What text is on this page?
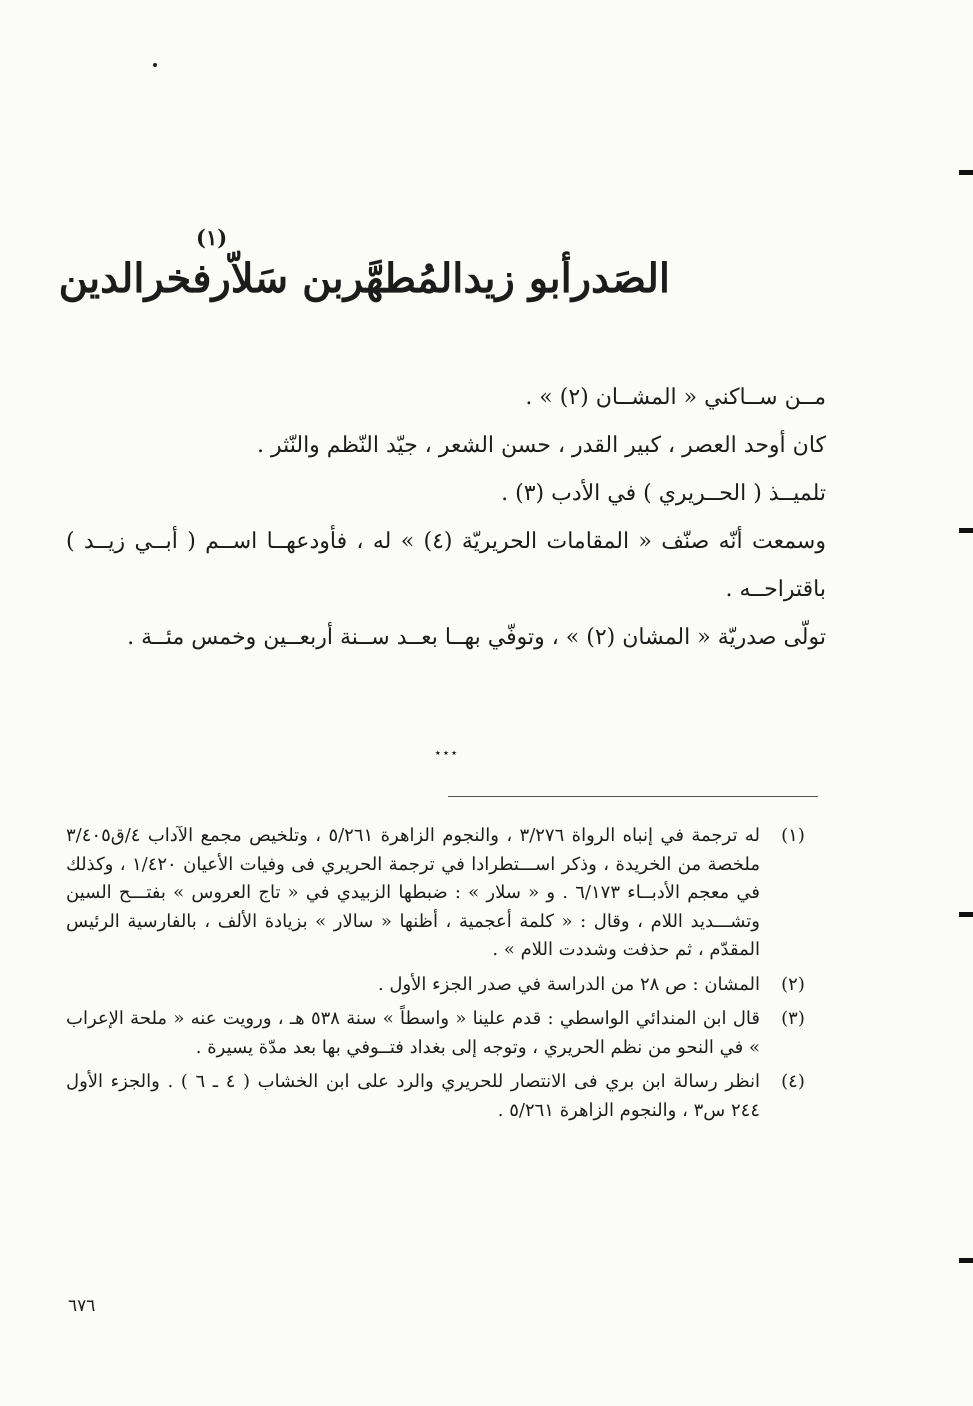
(١)
الصَدرأبو زيدالمُطهَّربن سَلاّرفخرالدين

مــن ســاكني « المشــان (٢) » .

كان أوحد العصر ، كبير القدر ، حسن الشعر ، جيّد النّظم والنّثر .

تلميــذ ( الحــريري ) في الأدب (٣) .

وسمعت أنّه صنّف « المقامات الحريريّة (٤) » له ، فأودعهــا اســم ( أبــي زيــد ) باقتراحــه .

تولّى صدريّة « المشان (٢) » ، وتوفّي بهــا بعــد ســنة أربعــين وخمس مئــة .

⋆⋆⋆
(١)
له ترجمة في إنباه الرواة ٣/٢٧٦ ، والنجوم الزاهرة ٥/٢٦١ ، وتلخيص مجمع الآداب ٤/ق٣/٤٠٥ ملخصة من الخريدة ، وذكر اســـتطرادا في ترجمة الحريري فى وفيات الأعيان ١/٤٢٠ ، وكذلك في معجم الأدبــاء ٦/١٧٣ . و « سلار » : ضبطها الزبيدي في « تاج العروس » بفتـــح السين وتشـــديد اللام ، وقال : « كلمة أعجمية ، أظنها « سالار » بزيادة الألف ، بالفارسية الرئيس المقدّم ، ثم حذفت وشددت اللام » .
(٢)
المشان : ص ٢٨ من الدراسة في صدر الجزء الأول .
(٣)
قال ابن المندائي الواسطي : قدم علينا « واسطاً » سنة ٥٣٨ هـ ، ورويت عنه « ملحة الإعراب » في النحو من نظم الحريري ، وتوجه إلى بغداد فتــوفي بها بعد مدّة يسيرة .
(٤)
انظر رسالة ابن بري فى الانتصار للحريري والرد على ابن الخشاب ( ٤ ـ ٦ ) . والجزء الأول ٢٤٤ س٣ ، والنجوم الزاهرة ٥/٢٦١ .
٦٧٦
